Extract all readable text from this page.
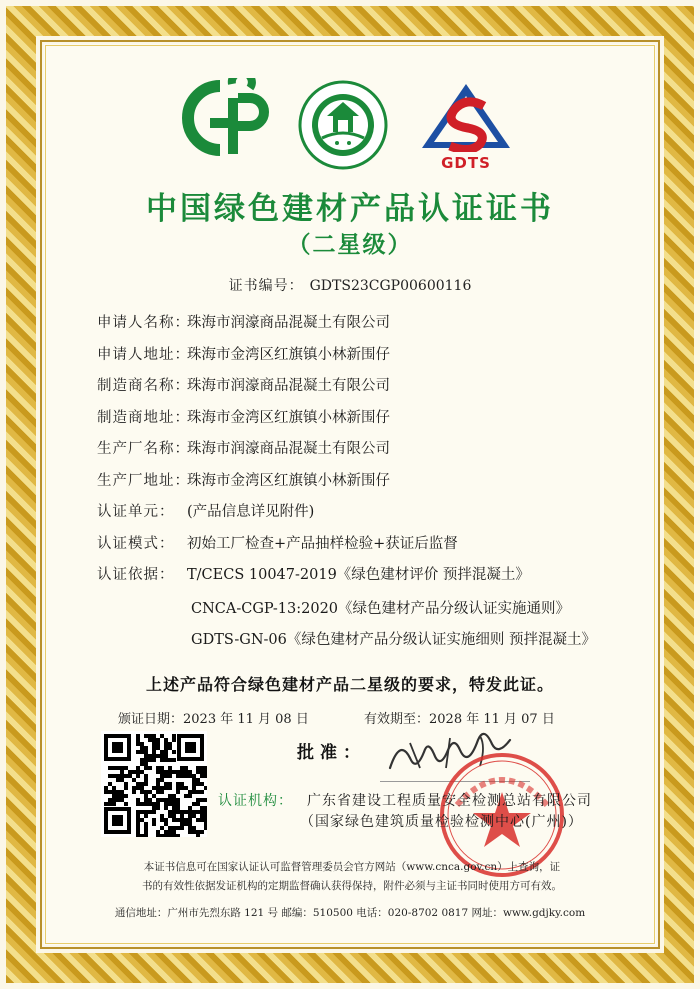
GDTS
中国绿色建材产品认证证书
（二星级）
证书编号： GDTS23CGP00600116
申请人名称：
珠海市润濠商品混凝土有限公司
申请人地址：
珠海市金湾区红旗镇小林新围仔
制造商名称：
珠海市润濠商品混凝土有限公司
制造商地址：
珠海市金湾区红旗镇小林新围仔
生产厂名称：
珠海市润濠商品混凝土有限公司
生产厂地址：
珠海市金湾区红旗镇小林新围仔
认证单元： (产品信息详见附件)
认证模式： 初始工厂检查+产品抽样检验+获证后监督
认证依据： T/CECS 10047-2019《绿色建材评价 预拌混凝土》
CNCA-CGP-13:2020《绿色建材产品分级认证实施通则》
GDTS-GN-06《绿色建材产品分级认证实施细则 预拌混凝土》
上述产品符合绿色建材产品二星级的要求，特发此证。
颁证日期：2023 年 11 月 08 日	有效期至：2028 年 11 月 07 日
批准：
认证机构： 广东省建设工程质量安全检测总站有限公司
（国家绿色建筑质量检验检测中心(广州)）
本证书信息可在国家认证认可监督管理委员会官方网站（www.cnca.gov.cn）上查询，证
书的有效性依据发证机构的定期监督确认获得保持，附件必须与主证书同时使用方可有效。
通信地址：广州市先烈东路 121 号 邮编：510500 电话：020-8702 0817 网址：www.gdjky.com
